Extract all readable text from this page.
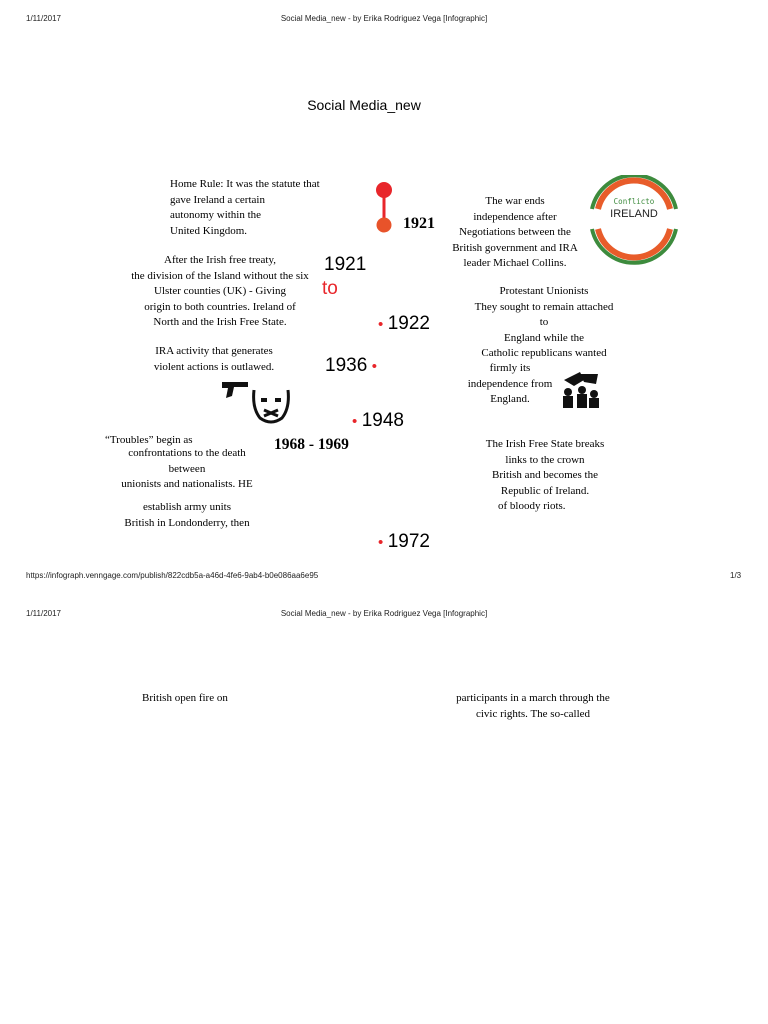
1/11/2017	Social Media_new - by Erika Rodriguez Vega [Infographic]
Social Media_new
1921
Conflicto
IRELAND
Home Rule: It was the statute that
gave Ireland a certain
autonomy within the
United Kingdom.
The war ends
independence after
Negotiations between the
British government and IRA
leader Michael Collins.
After the Irish free treaty,
the division of the Island without the six
Ulster counties (UK) - Giving
origin to both countries. Ireland of
North and the Irish Free State.
1921
to
• 1922
Protestant Unionists
They sought to remain attached
to
England while the
Catholic republicans wanted
firmly its
independence from
England.
IRA activity that generates
violent actions is outlawed.	1936 •
• 1948
The Irish Free State breaks
links to the crown
British and becomes the
Republic of Ireland.
of bloody riots.
“Troubles” begin as
confrontations to the death
between
unionists and nationalists. HE
1968 - 1969
establish army units
British in Londonderry, then
• 1972
https://infograph.venngage.com/publish/822cdb5a-a46d-4fe6-9ab4-b0e086aa6e95	1/3
1/11/2017	Social Media_new - by Erika Rodriguez Vega [Infographic]
British open fire on	participants in a march through the
civic rights. The so-called
